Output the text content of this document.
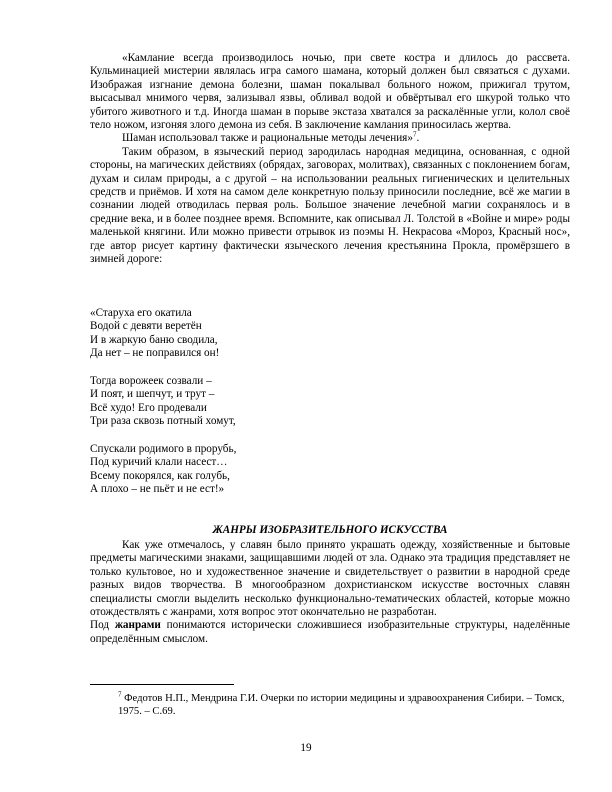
«Камлание всегда производилось ночью, при свете костра и длилось до рассвета. Кульминацией мистерии являлась игра самого шамана, который должен был связаться с духами. Изображая изгнание демона болезни, шаман покалывал больного ножом, прижигал трутом, высасывал мнимого червя, зализывал язвы, обливал водой и обвёртывал его шкурой только что убитого животного и т.д. Иногда шаман в порыве экстаза хватался за раскалённые угли, колол своё тело ножом, изгоняя злого демона из себя. В заключение камлания приносилась жертва.

Шаман использовал также и рациональные методы лечения»$^7$.

Таким образом, в языческий период зародилась народная медицина, основанная, с одной стороны, на магических действиях (обрядах, заговорах, молитвах), связанных с поклонением богам, духам и силам природы, а с другой – на использовании реальных гигиенических и целительных средств и приёмов. И хотя на самом деле конкретную пользу приносили последние, всё же магии в сознании людей отводилась первая роль. Большое значение лечебной магии сохранялось и в средние века, и в более позднее время. Вспомните, как описывал Л. Толстой в «Войне и мире» роды маленькой княгини. Или можно привести отрывок из поэмы Н. Некрасова «Мороз, Красный нос», где автор рисует картину фактически языческого лечения крестьянина Прокла, промёрзшего в зимней дороге:

«Старуха его окатила

Водой с девяти веретён

И в жаркую баню сводила,

Да нет – не поправился он!

Тогда ворожеек созвали –

И поят, и шепчут, и трут –

Всё худо! Его продевали

Три раза сквозь потный хомут,

Спускали родимого в прорубь,

Под куричий клали насест…

Всему покорялся, как голубь,

А плохо – не пьёт и не ест!»

ЖАНРЫ ИЗОБРАЗИТЕЛЬНОГО ИСКУССТВА

Как уже отмечалось, у славян было принято украшать одежду, хозяйственные и бытовые предметы магическими знаками, защищавшими людей от зла. Однако эта традиция представляет не только культовое, но и художественное значение и свидетельствует о развитии в народной среде разных видов творчества. В многообразном дохристианском искусстве восточных славян специалисты смогли выделить несколько функционально-тематических областей, которые можно отождествлять с жанрами, хотя вопрос этот окончательно не разработан.

Под жанрами понимаются исторически сложившиеся изобразительные структуры, наделённые определённым смыслом.

$^7$ Федотов Н.П., Мендрина Г.И. Очерки по истории медицины и здравоохранения Сибири. – Томск, 1975. – С.69.

19
